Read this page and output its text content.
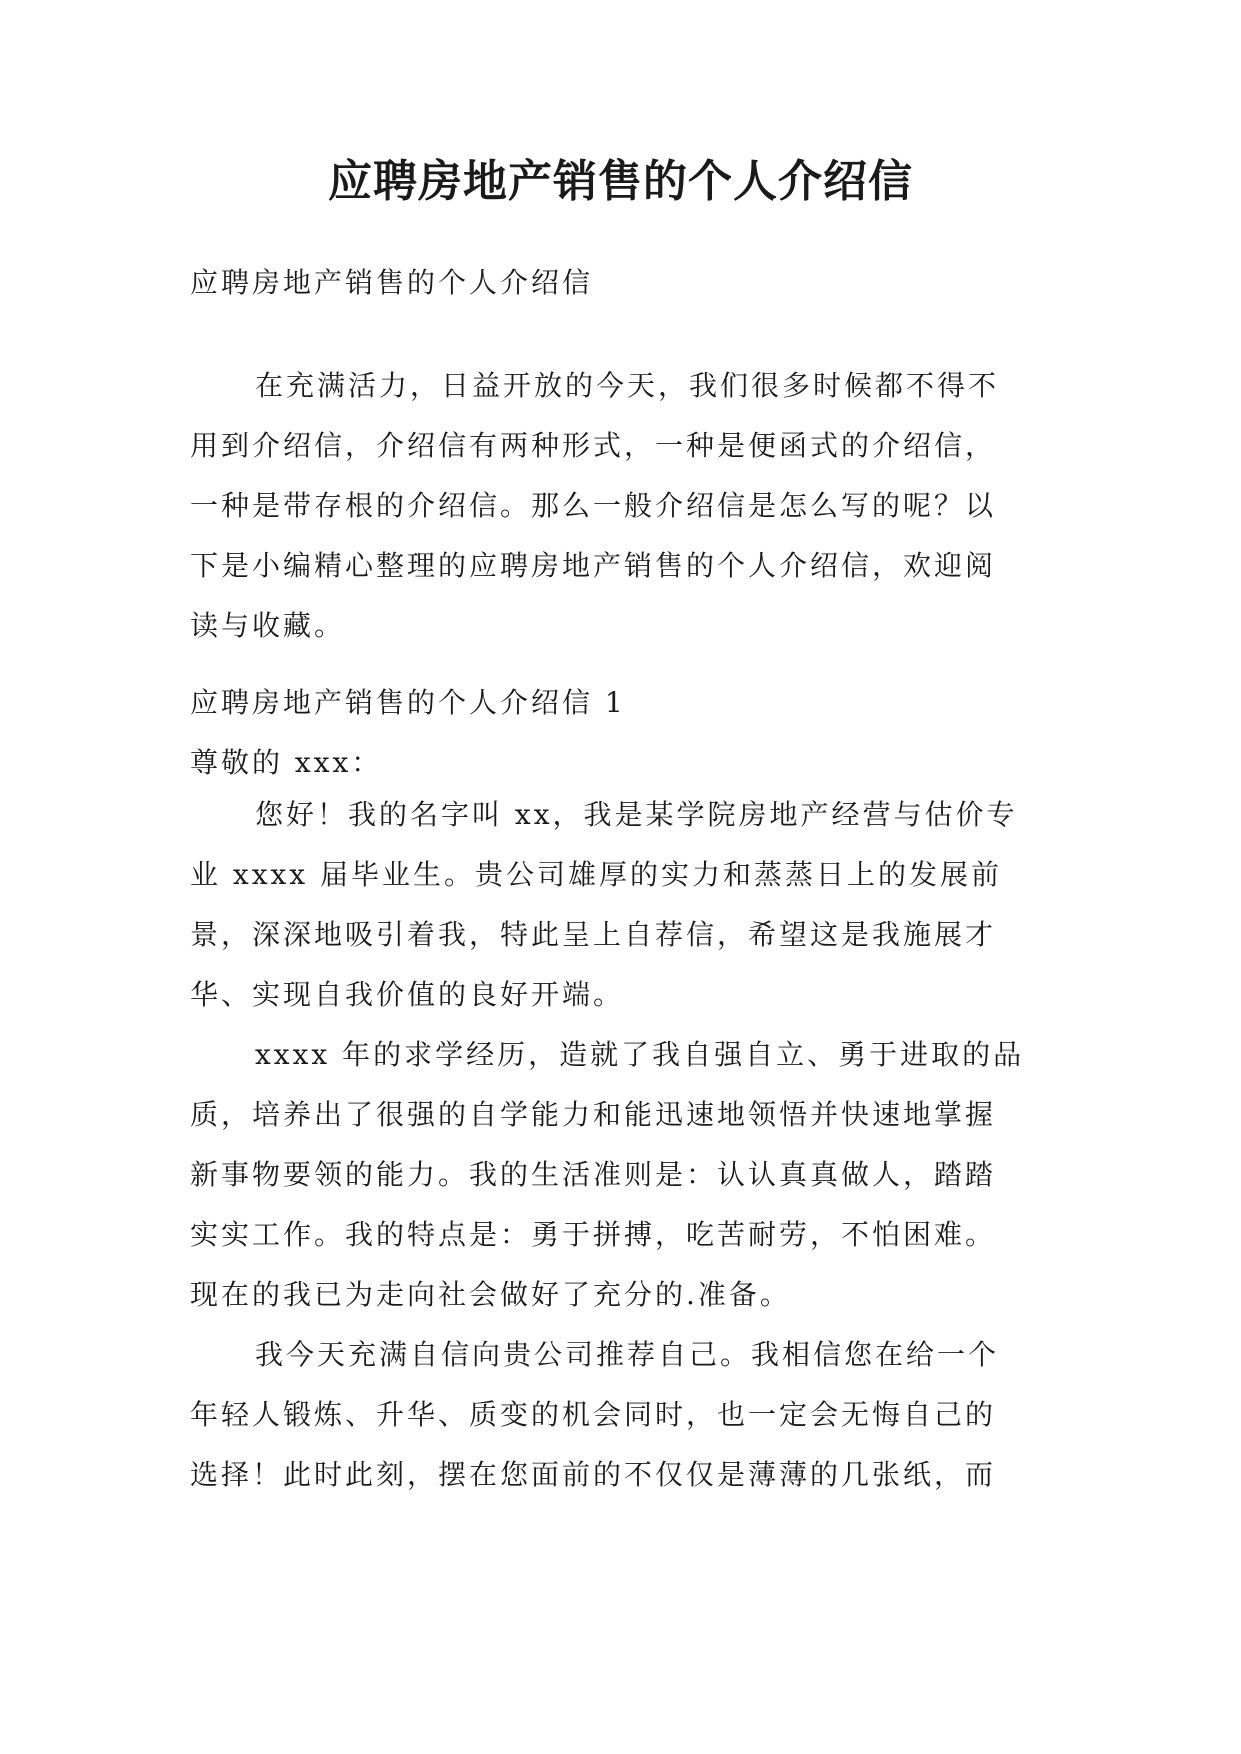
应聘房地产销售的个人介绍信

应聘房地产销售的个人介绍信

在充满活力，日益开放的今天，我们很多时候都不得不
用到介绍信，介绍信有两种形式，一种是便函式的介绍信，
一种是带存根的介绍信。那么一般介绍信是怎么写的呢？以
下是小编精心整理的应聘房地产销售的个人介绍信，欢迎阅
读与收藏。

应聘房地产销售的个人介绍信 1
尊敬的 xxx：

您好！我的名字叫 xx，我是某学院房地产经营与估价专
业 xxxx 届毕业生。贵公司雄厚的实力和蒸蒸日上的发展前
景，深深地吸引着我，特此呈上自荐信，希望这是我施展才
华、实现自我价值的良好开端。

xxxx 年的求学经历，造就了我自强自立、勇于进取的品
质，培养出了很强的自学能力和能迅速地领悟并快速地掌握
新事物要领的能力。我的生活准则是：认认真真做人，踏踏
实实工作。我的特点是：勇于拼搏，吃苦耐劳，不怕困难。
现在的我已为走向社会做好了充分的.准备。

我今天充满自信向贵公司推荐自己。我相信您在给一个
年轻人锻炼、升华、质变的机会同时，也一定会无悔自己的
选择！此时此刻，摆在您面前的不仅仅是薄薄的几张纸，而
